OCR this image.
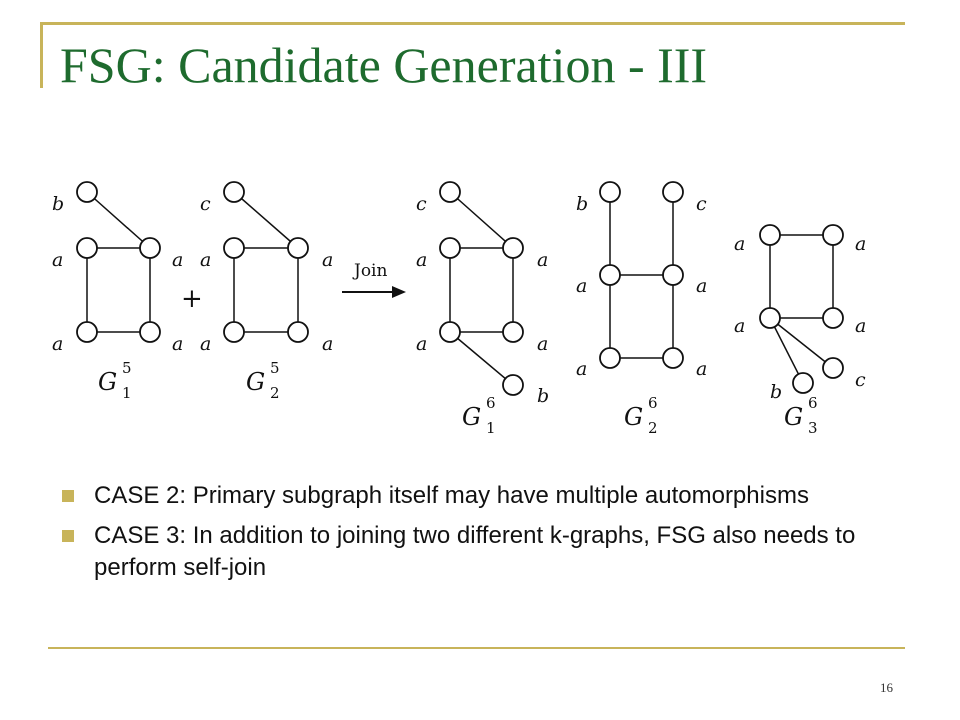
FSG: Candidate Generation - III
b
a	a
a	a
G 5
1
+
c
a	a
a	a
G 5
2
Join
c
a	a
a	a
b
G 6
1
b	c
a	a
a	a
G 6
2
a	a
a	a
b
c
G 6
3
CASE 2: Primary subgraph itself may have multiple automorphisms
CASE 3: In addition to joining two different k-graphs, FSG also needs to perform self-join
16
